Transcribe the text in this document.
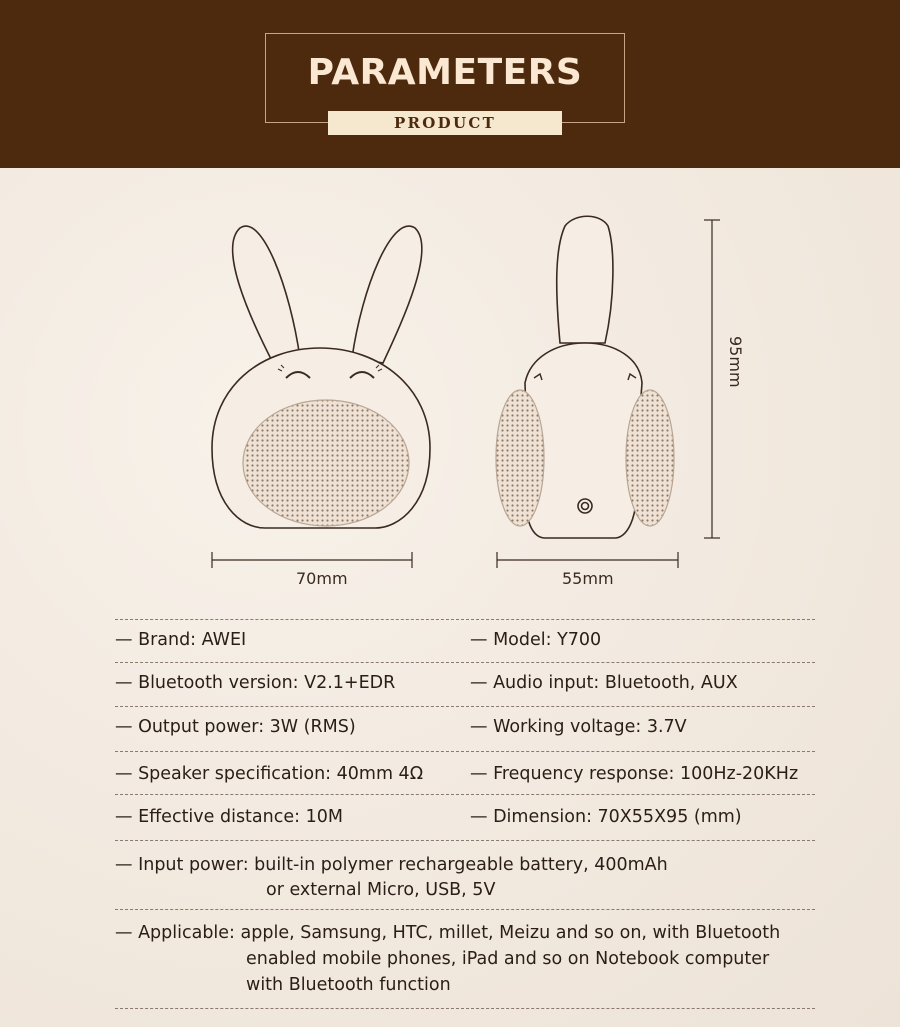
PARAMETERS
PRODUCT PARAMETERS
70mm	55mm
95mm
— Brand: AWEI	— Model: Y700
— Bluetooth version: V2.1+EDR	— Audio input: Bluetooth, AUX
— Output power: 3W (RMS)	— Working voltage: 3.7V
— Speaker specification: 40mm 4Ω	— Frequency response: 100Hz-20KHz
— Effective distance: 10M	— Dimension: 70X55X95 (mm)
— Input power: built-in polymer rechargeable battery, 400mAh
or external Micro, USB, 5V
— Applicable: apple, Samsung, HTC, millet, Meizu and so on, with Bluetooth
enabled mobile phones, iPad and so on Notebook computer
with Bluetooth function
